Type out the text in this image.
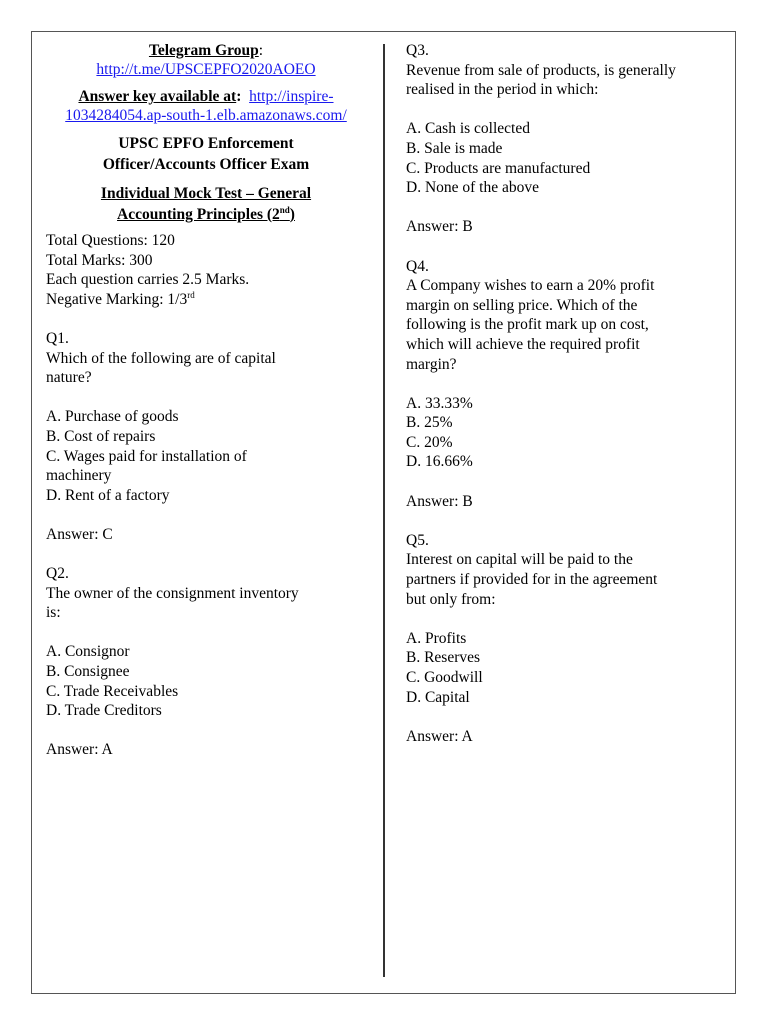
Telegram Group:
http://t.me/UPSCEPFO2020AOEO
Answer key available at: http://inspire-
1034284054.ap-south-1.elb.amazonaws.com/
UPSC EPFO Enforcement
Officer/Accounts Officer Exam
Individual Mock Test – General
Accounting Principles (2nd)
Total Questions: 120
Total Marks: 300
Each question carries 2.5 Marks.
Negative Marking: 1/3rd
Q1.
Which of the following are of capital
nature?
A. Purchase of goods
B. Cost of repairs
C. Wages paid for installation of
machinery
D. Rent of a factory
Answer: C
Q2.
The owner of the consignment inventory
is:
A. Consignor
B. Consignee
C. Trade Receivables
D. Trade Creditors
Answer: A
Q3.
Revenue from sale of products, is generally
realised in the period in which:
A. Cash is collected
B. Sale is made
C. Products are manufactured
D. None of the above
Answer: B
Q4.
A Company wishes to earn a 20% profit
margin on selling price. Which of the
following is the profit mark up on cost,
which will achieve the required profit
margin?
A. 33.33%
B. 25%
C. 20%
D. 16.66%
Answer: B
Q5.
Interest on capital will be paid to the
partners if provided for in the agreement
but only from:
A. Profits
B. Reserves
C. Goodwill
D. Capital
Answer: A
